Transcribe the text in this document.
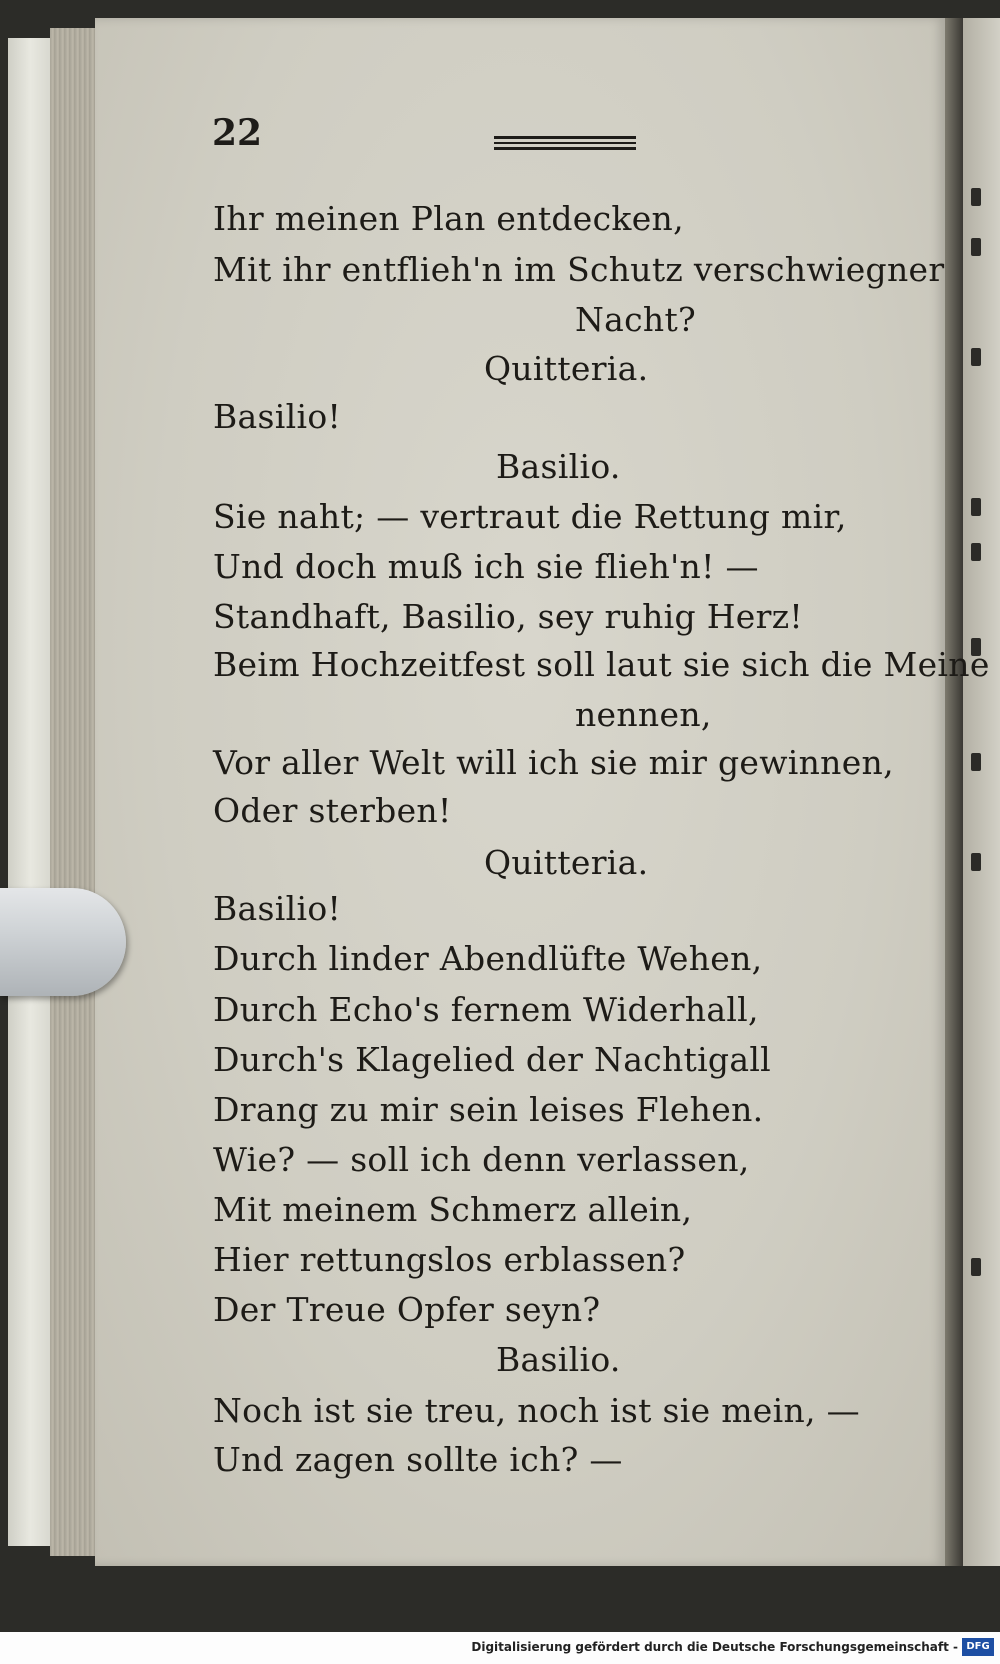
22

Ihr meinen Plan entdecken,

Mit ihr entflieh'n im Schutz verschwiegner

Nacht?

Quitteria.

Basilio!

Basilio.

Sie naht; — vertraut die Rettung mir,

Und doch muß ich sie flieh'n! —

Standhaft, Basilio, sey ruhig Herz!

Beim Hochzeitfest soll laut sie sich die Meine

nennen,

Vor aller Welt will ich sie mir gewinnen,

Oder sterben!

Quitteria.

Basilio!

Durch linder Abendlüfte Wehen,

Durch Echo's fernem Widerhall,

Durch's Klagelied der Nachtigall

Drang zu mir sein leises Flehen.

Wie? — soll ich denn verlassen,

Mit meinem Schmerz allein,

Hier rettungslos erblassen?

Der Treue Opfer seyn?

Basilio.

Noch ist sie treu, noch ist sie mein, —

Und zagen sollte ich? —

Digitalisierung gefördert durch die Deutsche Forschungsgemeinschaft - DFG
